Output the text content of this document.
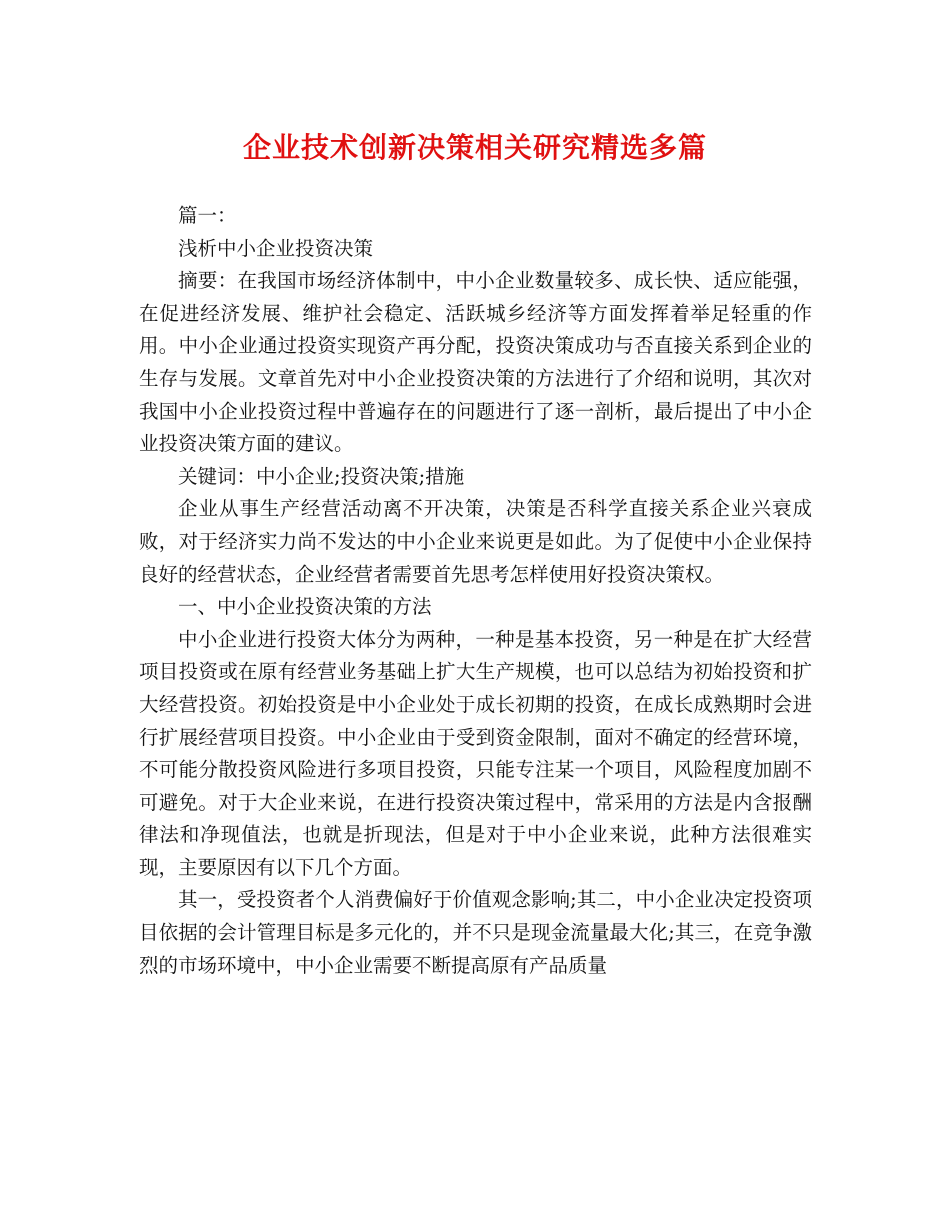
企业技术创新决策相关研究精选多篇

篇一：

浅析中小企业投资决策

摘要：在我国市场经济体制中，中小企业数量较多、成长快、适应能强，在促进经济发展、维护社会稳定、活跃城乡经济等方面发挥着举足轻重的作用。中小企业通过投资实现资产再分配，投资决策成功与否直接关系到企业的生存与发展。文章首先对中小企业投资决策的方法进行了介绍和说明，其次对我国中小企业投资过程中普遍存在的问题进行了逐一剖析，最后提出了中小企业投资决策方面的建议。

关键词：中小企业;投资决策;措施

企业从事生产经营活动离不开决策，决策是否科学直接关系企业兴衰成败，对于经济实力尚不发达的中小企业来说更是如此。为了促使中小企业保持良好的经营状态，企业经营者需要首先思考怎样使用好投资决策权。

一、中小企业投资决策的方法

中小企业进行投资大体分为两种，一种是基本投资，另一种是在扩大经营项目投资或在原有经营业务基础上扩大生产规模，也可以总结为初始投资和扩大经营投资。初始投资是中小企业处于成长初期的投资，在成长成熟期时会进行扩展经营项目投资。中小企业由于受到资金限制，面对不确定的经营环境，不可能分散投资风险进行多项目投资，只能专注某一个项目，风险程度加剧不可避免。对于大企业来说，在进行投资决策过程中，常采用的方法是内含报酬律法和净现值法，也就是折现法，但是对于中小企业来说，此种方法很难实现，主要原因有以下几个方面。

其一，受投资者个人消费偏好于价值观念影响;其二，中小企业决定投资项目依据的会计管理目标是多元化的，并不只是现金流量最大化;其三，在竞争激烈的市场环境中，中小企业需要不断提高原有产品质量
